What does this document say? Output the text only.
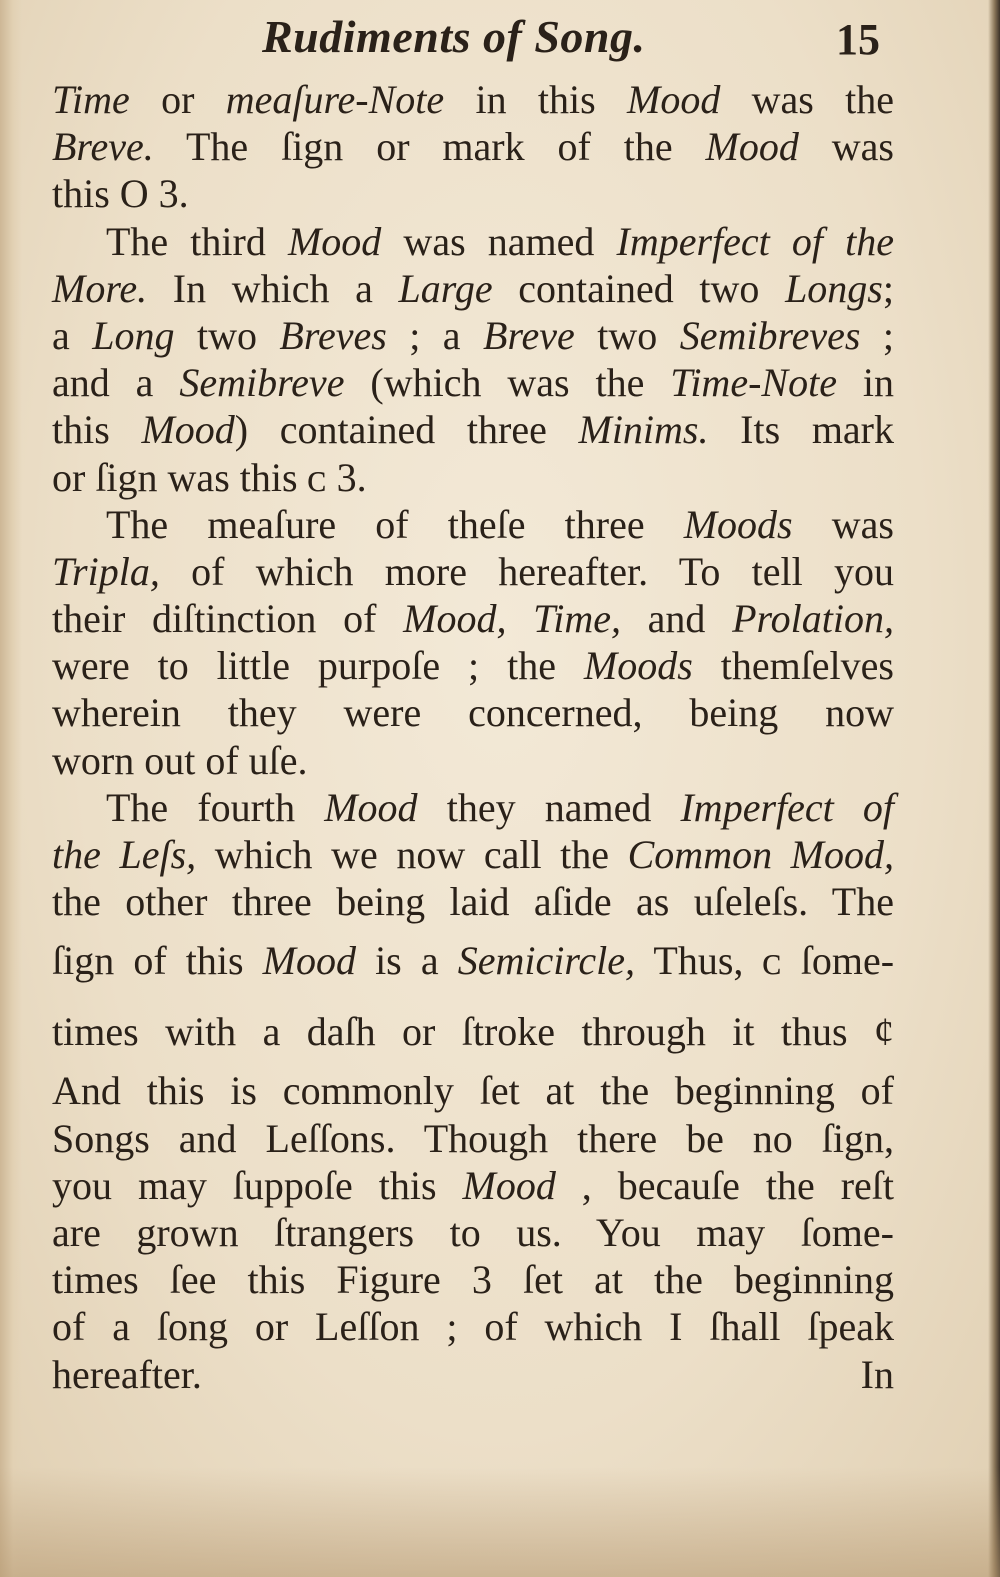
Rudiments of Song.	15
Time or meaſure-Note in this Mood was the
Breve. The ſign or mark of the Mood was
this O 3.
The third Mood was named Imperfect of the
More. In which a Large contained two Longs;
a Long two Breves ; a Breve two Semibreves ;
and a Semibreve (which was the Time-Note in
this Mood) contained three Minims. Its mark
or ſign was this ᴄ 3.
The meaſure of theſe three Moods was
Tripla, of which more hereafter. To tell you
their diſtinction of Mood, Time, and Prolation,
were to little purpoſe ; the Moods themſelves
wherein they were concerned, being now
worn out of uſe.
The fourth Mood they named Imperfect of
the Leſs, which we now call the Common Mood,
the other three being laid aſide as uſeleſs. The
ſign of this Mood is a Semicircle, Thus, ᴄ ſome-
times with a daſh or ſtroke through it thus ¢
And this is commonly ſet at the beginning of
Songs and Leſſons. Though there be no ſign,
you may ſuppoſe this Mood , becauſe the reſt
are grown ſtrangers to us. You may ſome-
times ſee this Figure 3 ſet at the beginning
of a ſong or Leſſon ; of which I ſhall ſpeak
hereafter.	In
